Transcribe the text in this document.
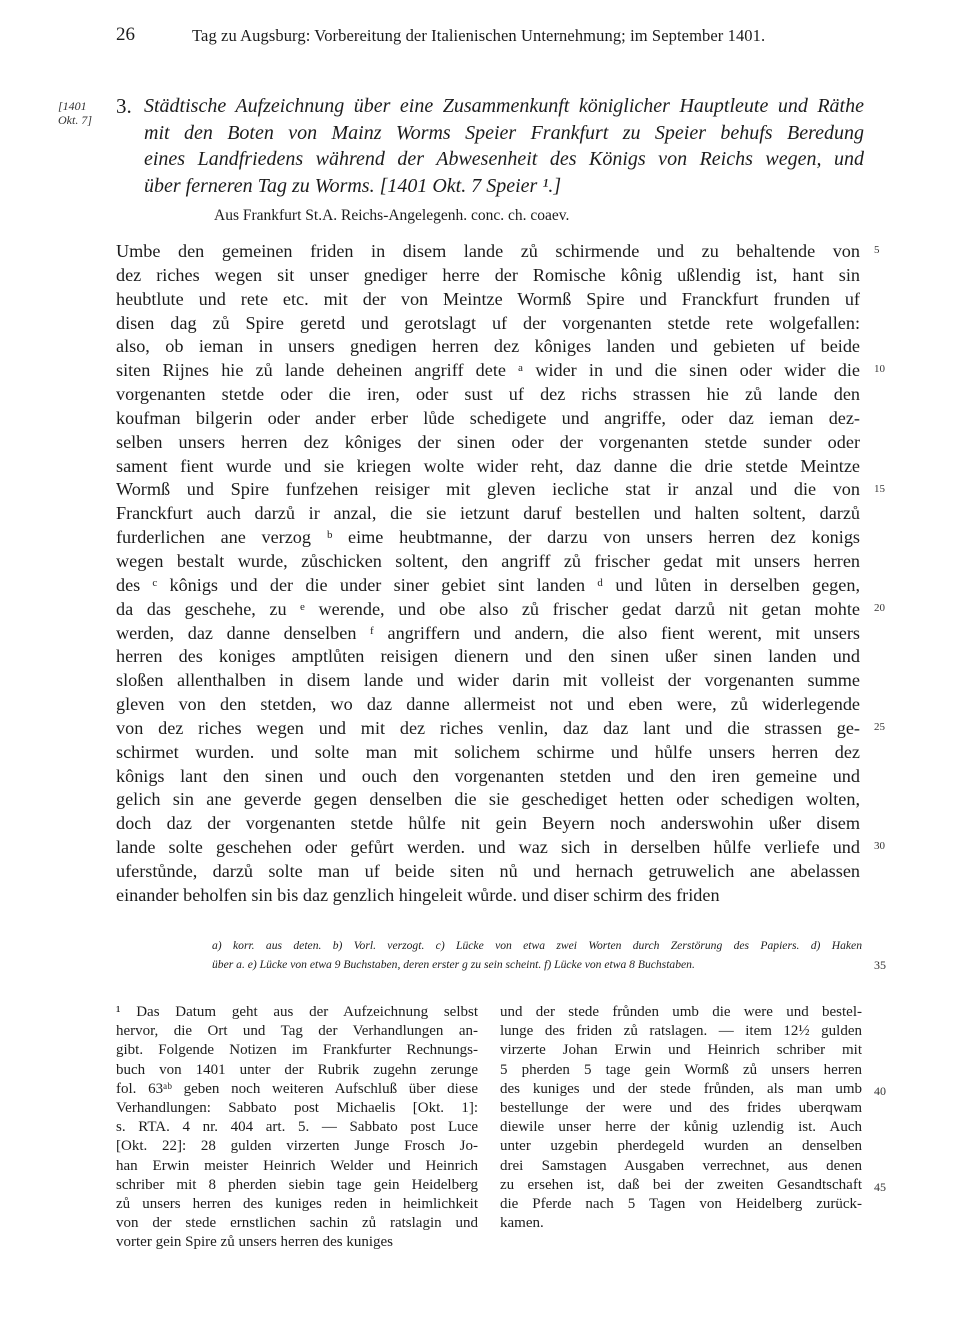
26	Tag zu Augsburg: Vorbereitung der Italienischen Unternehmung; im September 1401.
[1401
Okt. 7]
3. Städtische Aufzeichnung über eine Zusammenkunft königlicher Hauptleute und Räthe
mit den Boten von Mainz Worms Speier Frankfurt zu Speier behufs Beredung
eines Landfriedens während der Abwesenheit des Königs von Reichs wegen, und
über ferneren Tag zu Worms. [1401 Okt. 7 Speier ¹.]
Aus Frankfurt St.A. Reichs-Angelegenh. conc. ch. coaev.
Umbe den gemeinen friden in disem lande zů schirmende und zu behaltende von
dez riches wegen sit unser gnediger herre der Romische kônig ußlendig ist, hant sin
heubtlute und rete etc. mit der von Meintze Wormß Spire und Franckfurt frunden uf
disen dag zů Spire geretd und gerotslagt uf der vorgenanten stetde rete wolgefallen:
also, ob ieman in unsers gnedigen herren dez kôniges landen und gebieten uf beide
siten Rijnes hie zů lande deheinen angriff dete ᵃ wider in und die sinen oder wider die
vorgenanten stetde oder die iren, oder sust uf dez richs strassen hie zů lande den
koufman bilgerin oder ander erber lůde schedigete und angriffe, oder daz ieman dez-
selben unsers herren dez kôniges der sinen oder der vorgenanten stetde sunder oder
sament fient wurde und sie kriegen wolte wider reht, daz danne die drie stetde Meintze
Wormß und Spire funfzehen reisiger mit gleven iecliche stat ir anzal und die von
Franckfurt auch darzů ir anzal, die sie ietzunt daruf bestellen und halten soltent, darzů
furderlichen ane verzog ᵇ eime heubtmanne, der darzu von unsers herren dez konigs
wegen bestalt wurde, zůschicken soltent, den angriff zů frischer gedat mit unsers herren
des ᶜ kônigs und der die under siner gebiet sint landen ᵈ und lůten in derselben gegen,
da das geschehe, zu ᵉ werende, und obe also zů frischer gedat darzů nit getan mohte
werden, daz danne denselben ᶠ angriffern und andern, die also fient werent, mit unsers
herren des koniges amptlůten reisigen dienern und den sinen ußer sinen landen und
sloßen allenthalben in disem lande und wider darin mit volleist der vorgenanten summe
gleven von den stetden, wo daz danne allermeist not und eben were, zů widerlegende
von dez riches wegen und mit dez riches venlin, daz daz lant und die strassen ge-
schirmet wurden. und solte man mit solichem schirme und hůlfe unsers herren dez
kônigs lant den sinen und ouch den vorgenanten stetden und den iren gemeine und
gelich sin ane geverde gegen denselben die sie geschediget hetten oder schedigen wolten,
doch daz der vorgenanten stetde hůlfe nit gein Beyern noch anderswohin ußer disem
lande solte geschehen oder gefůrt werden. und waz sich in derselben hůlfe verliefe und
uferstůnde, darzů solte man uf beide siten nů und hernach getruwelich ane abelassen
einander beholfen sin bis daz genzlich hingeleit wůrde. und diser schirm des friden
5
10
15
20
25
30
a) korr. aus deten. b) Vorl. verzogt. c) Lücke von etwa zwei Worten durch Zerstörung des Papiers. d) Haken
über a. e) Lücke von etwa 9 Buchstaben, deren erster g zu sein scheint. f) Lücke von etwa 8 Buchstaben.	35
¹ Das Datum geht aus der Aufzeichnung selbst
hervor, die Ort und Tag der Verhandlungen an-
gibt. Folgende Notizen im Frankfurter Rechnungs-
buch von 1401 unter der Rubrik zugehn zerunge
fol. 63ᵃᵇ geben noch weiteren Aufschluß über diese
Verhandlungen: Sabbato post Michaelis [Okt. 1]:
s. RTA. 4 nr. 404 art. 5. — Sabbato post Luce
[Okt. 22]: 28 gulden virzerten Junge Frosch Jo-
han Erwin meister Heinrich Welder und Heinrich
schriber mit 8 pherden siebin tage gein Heidelberg
zů unsers herren des kuniges reden in heimlichkeit
von der stede ernstlichen sachin zů ratslagin und
vorter gein Spire zů unsers herren des kuniges
und der stede frůnden umb die were und bestel-
lunge des friden zů ratslagen. — item 12½ gulden
virzerte Johan Erwin und Heinrich schriber mit
5 pherden 5 tage gein Wormß zů unsers herren
des kuniges und der stede frůnden, als man umb
bestellunge der were und des frides uberqwam
diewile unser herre der kůnig uzlendig ist. Auch
unter uzgebin pherdegeld wurden an denselben
drei Samstagen Ausgaben verrechnet, aus denen
zu ersehen ist, daß bei der zweiten Gesandtschaft
die Pferde nach 5 Tagen von Heidelberg zurück-
kamen.
40
45
